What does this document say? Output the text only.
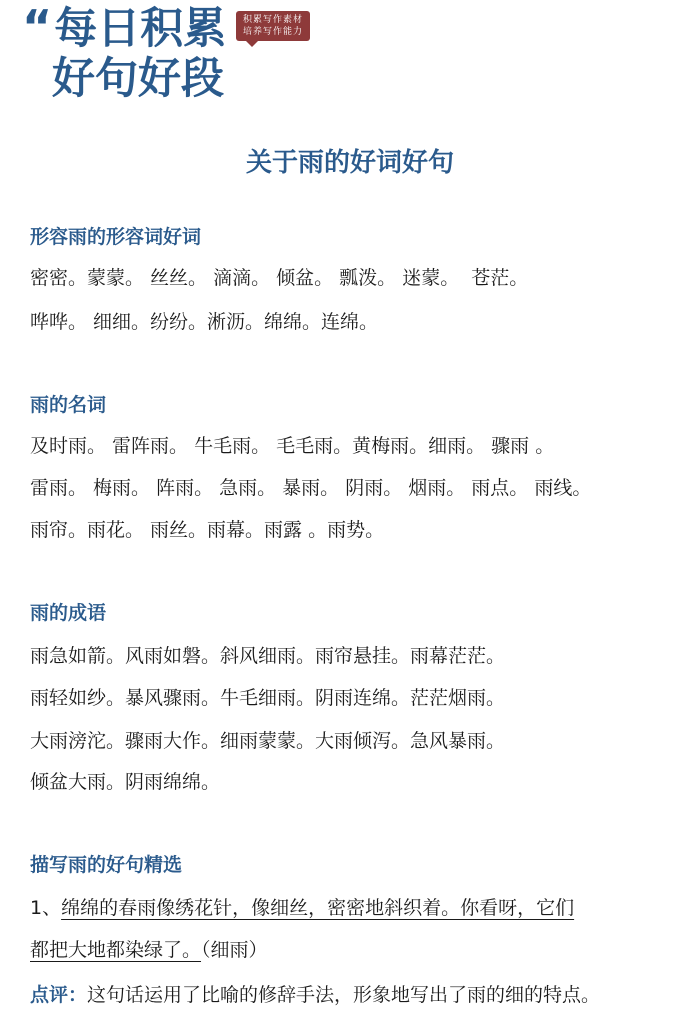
“每日积累
好句好段
积累写作素材
培养写作能力
关于雨的好词好句
形容雨的形容词好词
密密。蒙蒙。 丝丝。 滴滴。 倾盆。 瓢泼。 迷蒙。  苍茫。
哗哗。 细细。纷纷。淅沥。绵绵。连绵。
雨的名词
及时雨。 雷阵雨。 牛毛雨。 毛毛雨。黄梅雨。细雨。 骤雨 。
雷雨。 梅雨。 阵雨。 急雨。 暴雨。 阴雨。 烟雨。 雨点。 雨线。
雨帘。雨花。 雨丝。雨幕。雨露 。雨势。
雨的成语
雨急如箭。风雨如磐。斜风细雨。雨帘悬挂。雨幕茫茫。
雨轻如纱。暴风骤雨。牛毛细雨。阴雨连绵。茫茫烟雨。
大雨滂沱。骤雨大作。细雨蒙蒙。大雨倾泻。急风暴雨。
倾盆大雨。阴雨绵绵。
描写雨的好句精选
1、绵绵的春雨像绣花针，像细丝，密密地斜织着。你看呀，它们
都把大地都染绿了。（细雨）
点评：这句话运用了比喻的修辞手法，形象地写出了雨的细的特点。
